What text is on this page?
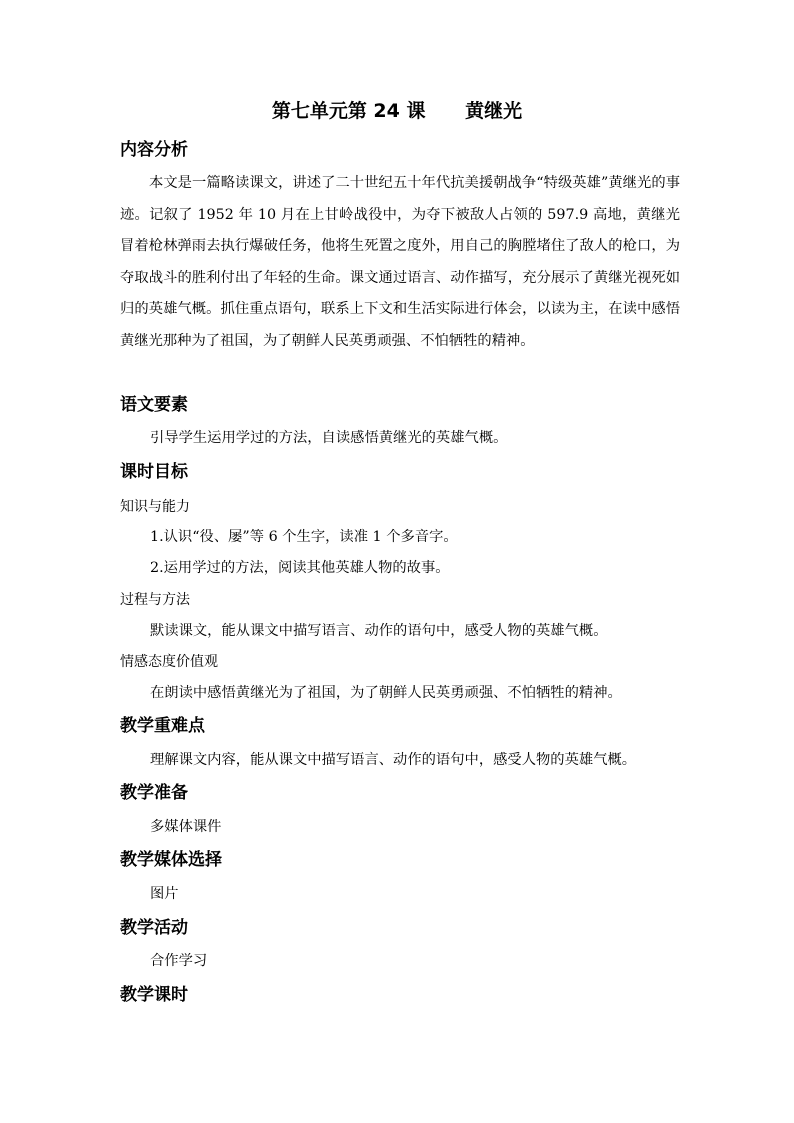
第七单元第 24 课      黄继光
内容分析
本文是一篇略读课文，讲述了二十世纪五十年代抗美援朝战争“特级英雄”黄继光的事迹。记叙了 1952 年 10 月在上甘岭战役中，为夺下被敌人占领的 597.9 高地，黄继光冒着枪林弹雨去执行爆破任务，他将生死置之度外，用自己的胸膛堵住了敌人的枪口，为夺取战斗的胜利付出了年轻的生命。课文通过语言、动作描写，充分展示了黄继光视死如归的英雄气概。抓住重点语句，联系上下文和生活实际进行体会，以读为主，在读中感悟黄继光那种为了祖国，为了朝鲜人民英勇顽强、不怕牺牲的精神。
语文要素
引导学生运用学过的方法，自读感悟黄继光的英雄气概。
课时目标
知识与能力
1.认识“役、屡”等 6 个生字，读准 1 个多音字。
2.运用学过的方法，阅读其他英雄人物的故事。
过程与方法
默读课文，能从课文中描写语言、动作的语句中，感受人物的英雄气概。
情感态度价值观
在朗读中感悟黄继光为了祖国，为了朝鲜人民英勇顽强、不怕牺牲的精神。
教学重难点
理解课文内容，能从课文中描写语言、动作的语句中，感受人物的英雄气概。
教学准备
多媒体课件
教学媒体选择
图片
教学活动
合作学习
教学课时
